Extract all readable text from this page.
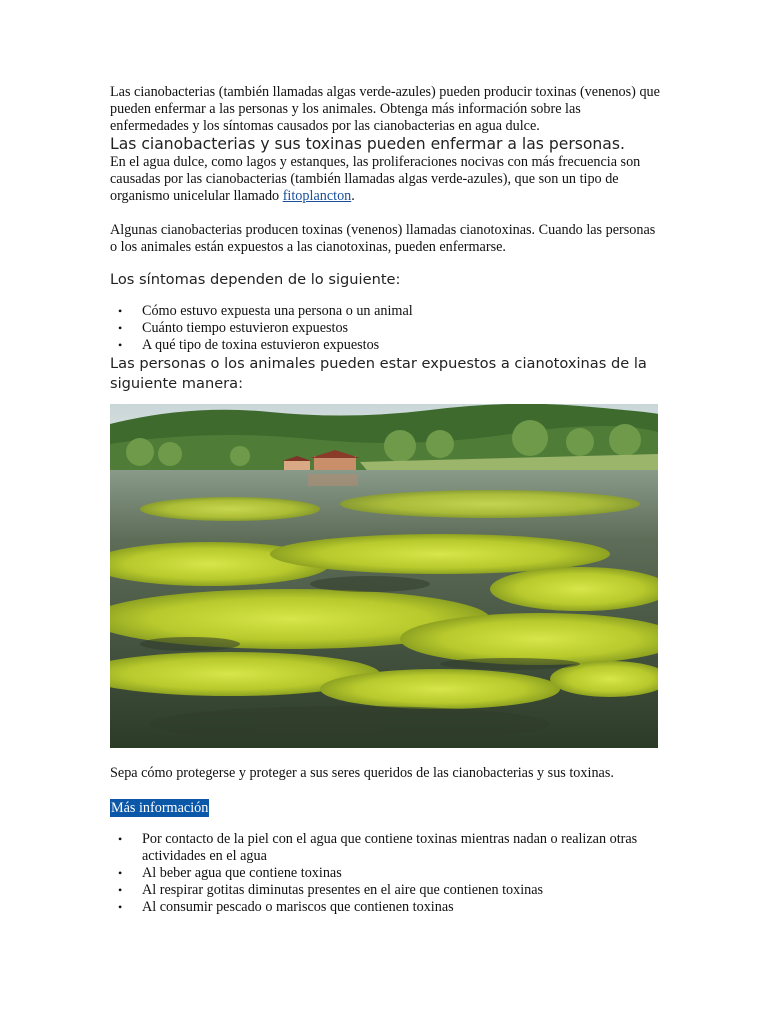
Las cianobacterias (también llamadas algas verde-azules) pueden producir toxinas (venenos) que pueden enfermar a las personas y los animales. Obtenga más información sobre las enfermedades y los síntomas causados por las cianobacterias en agua dulce.

Las cianobacterias y sus toxinas pueden enfermar a las personas.

En el agua dulce, como lagos y estanques, las proliferaciones nocivas con más frecuencia son causadas por las cianobacterias (también llamadas algas verde-azules), que son un tipo de organismo unicelular llamado fitoplancton.

Algunas cianobacterias producen toxinas (venenos) llamadas cianotoxinas. Cuando las personas o los animales están expuestos a las cianotoxinas, pueden enfermarse.

Los síntomas dependen de lo siguiente:
• Cómo estuvo expuesta una persona o un animal
• Cuánto tiempo estuvieron expuestos
• A qué tipo de toxina estuvieron expuestos
Las personas o los animales pueden estar expuestos a cianotoxinas de la siguiente manera:

Sepa cómo protegerse y proteger a sus seres queridos de las cianobacterias y sus toxinas.

Más información
• Por contacto de la piel con el agua que contiene toxinas mientras nadan o realizan otras actividades en el agua
• Al beber agua que contiene toxinas
• Al respirar gotitas diminutas presentes en el aire que contienen toxinas
• Al consumir pescado o mariscos que contienen toxinas
